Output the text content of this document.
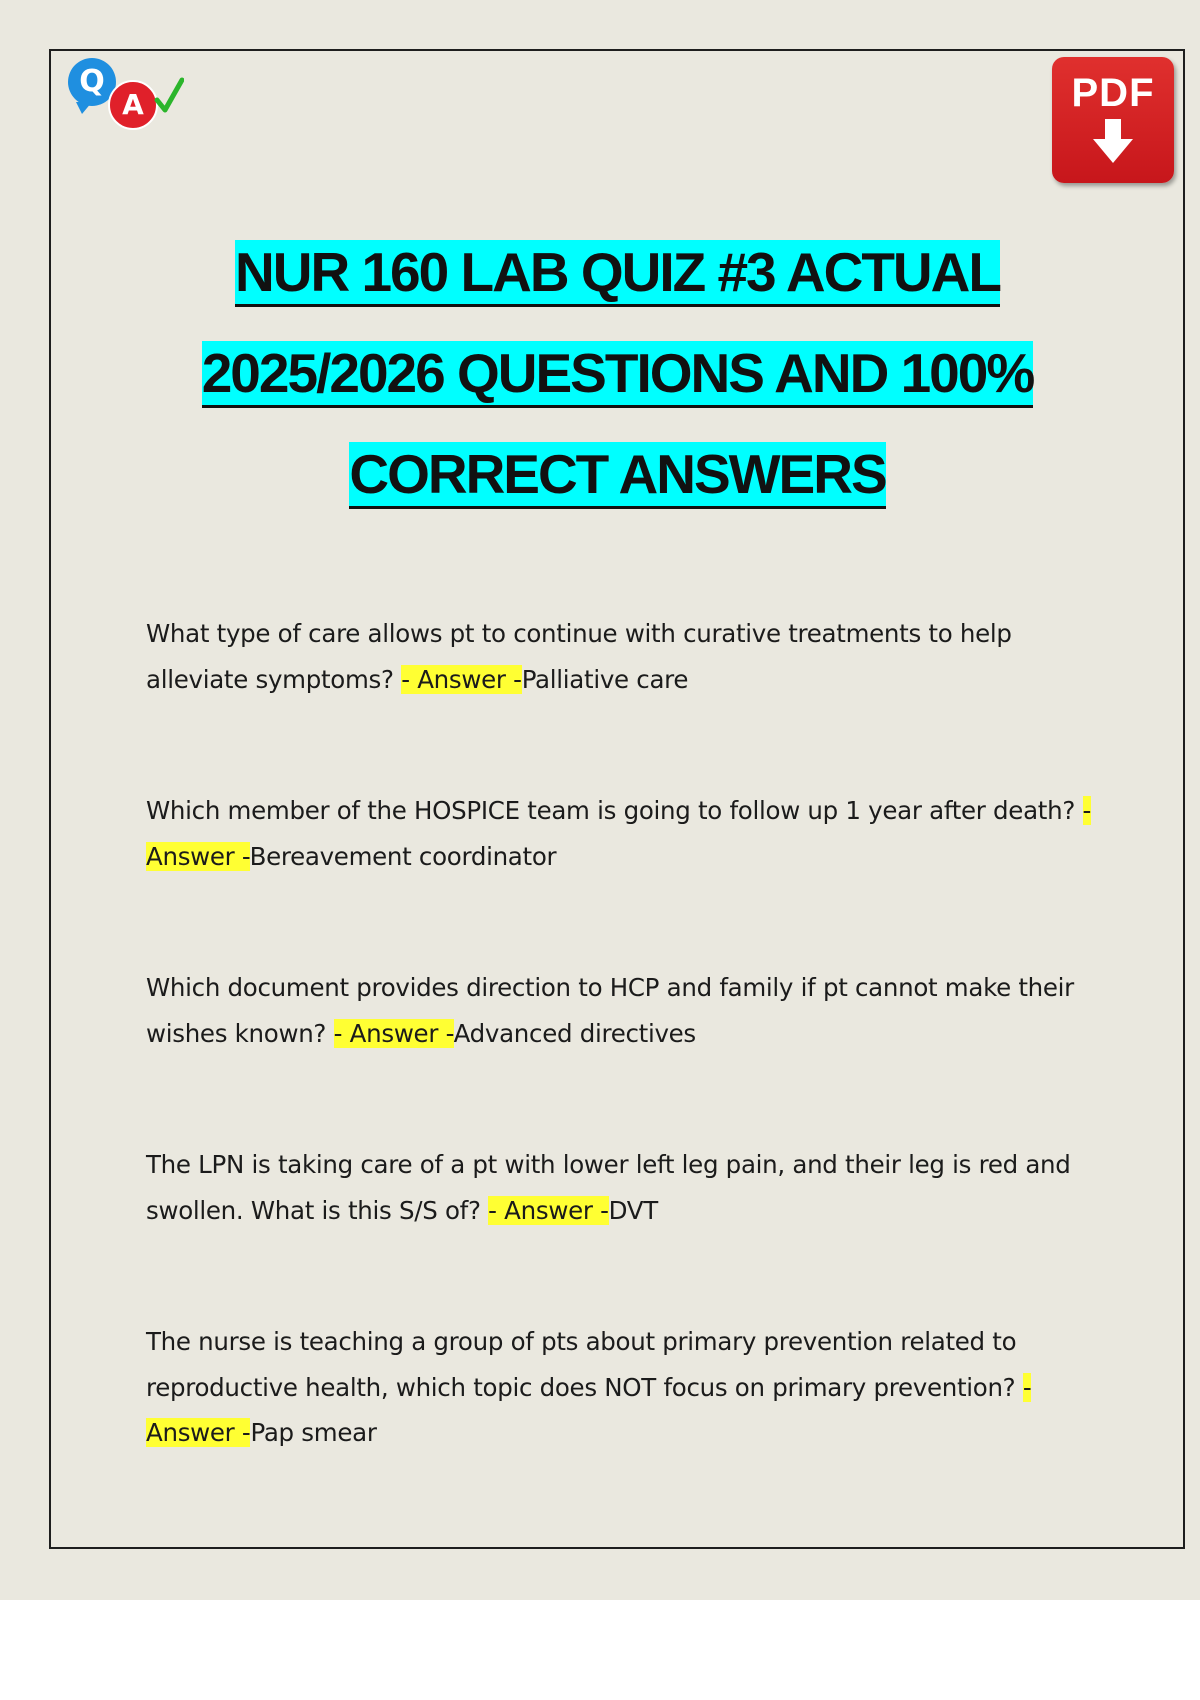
Q
A	PDF
NUR 160 LAB QUIZ #3 ACTUAL
2025/2026 QUESTIONS AND 100%
CORRECT ANSWERS

What type of care allows pt to continue with curative treatments to help alleviate symptoms? - Answer -Palliative care

Which member of the HOSPICE team is going to follow up 1 year after death? - Answer -Bereavement coordinator

Which document provides direction to HCP and family if pt cannot make their wishes known? - Answer -Advanced directives

The LPN is taking care of a pt with lower left leg pain, and their leg is red and swollen. What is this S/S of? - Answer -DVT

The nurse is teaching a group of pts about primary prevention related to reproductive health, which topic does NOT focus on primary prevention? - Answer -Pap smear
